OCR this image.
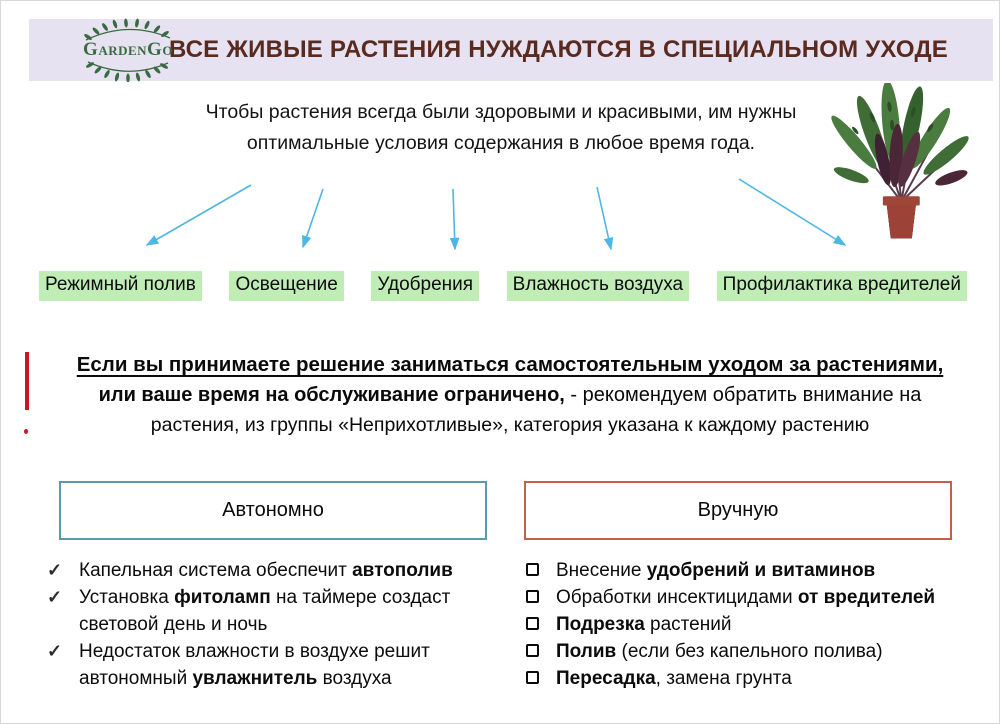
ВСЕ ЖИВЫЕ РАСТЕНИЯ НУЖДАЮТСЯ В СПЕЦИАЛЬНОМ УХОДЕ
GardenGo
Чтобы растения всегда были здоровыми и красивыми, им нужны
оптимальные условия содержания в любое время года.
Режимный полив	Освещение	Удобрения	Влажность воздуха	Профилактика вредителей
Если вы принимаете решение заниматься самостоятельным уходом за растениями,
или ваше время на обслуживание ограничено, - рекомендуем обратить внимание на
растения, из группы «Неприхотливые», категория указана к каждому растению
Автономно	Вручную
✓ Капельная система обеспечит автополив
✓ Установка фитоламп на таймере создаст световой день и ночь
✓ Недостаток влажности в воздухе решит автономный увлажнитель воздуха
Внесение удобрений и витаминов
Обработки инсектицидами от вредителей
Подрезка растений
Полив (если без капельного полива)
Пересадка, замена грунта
